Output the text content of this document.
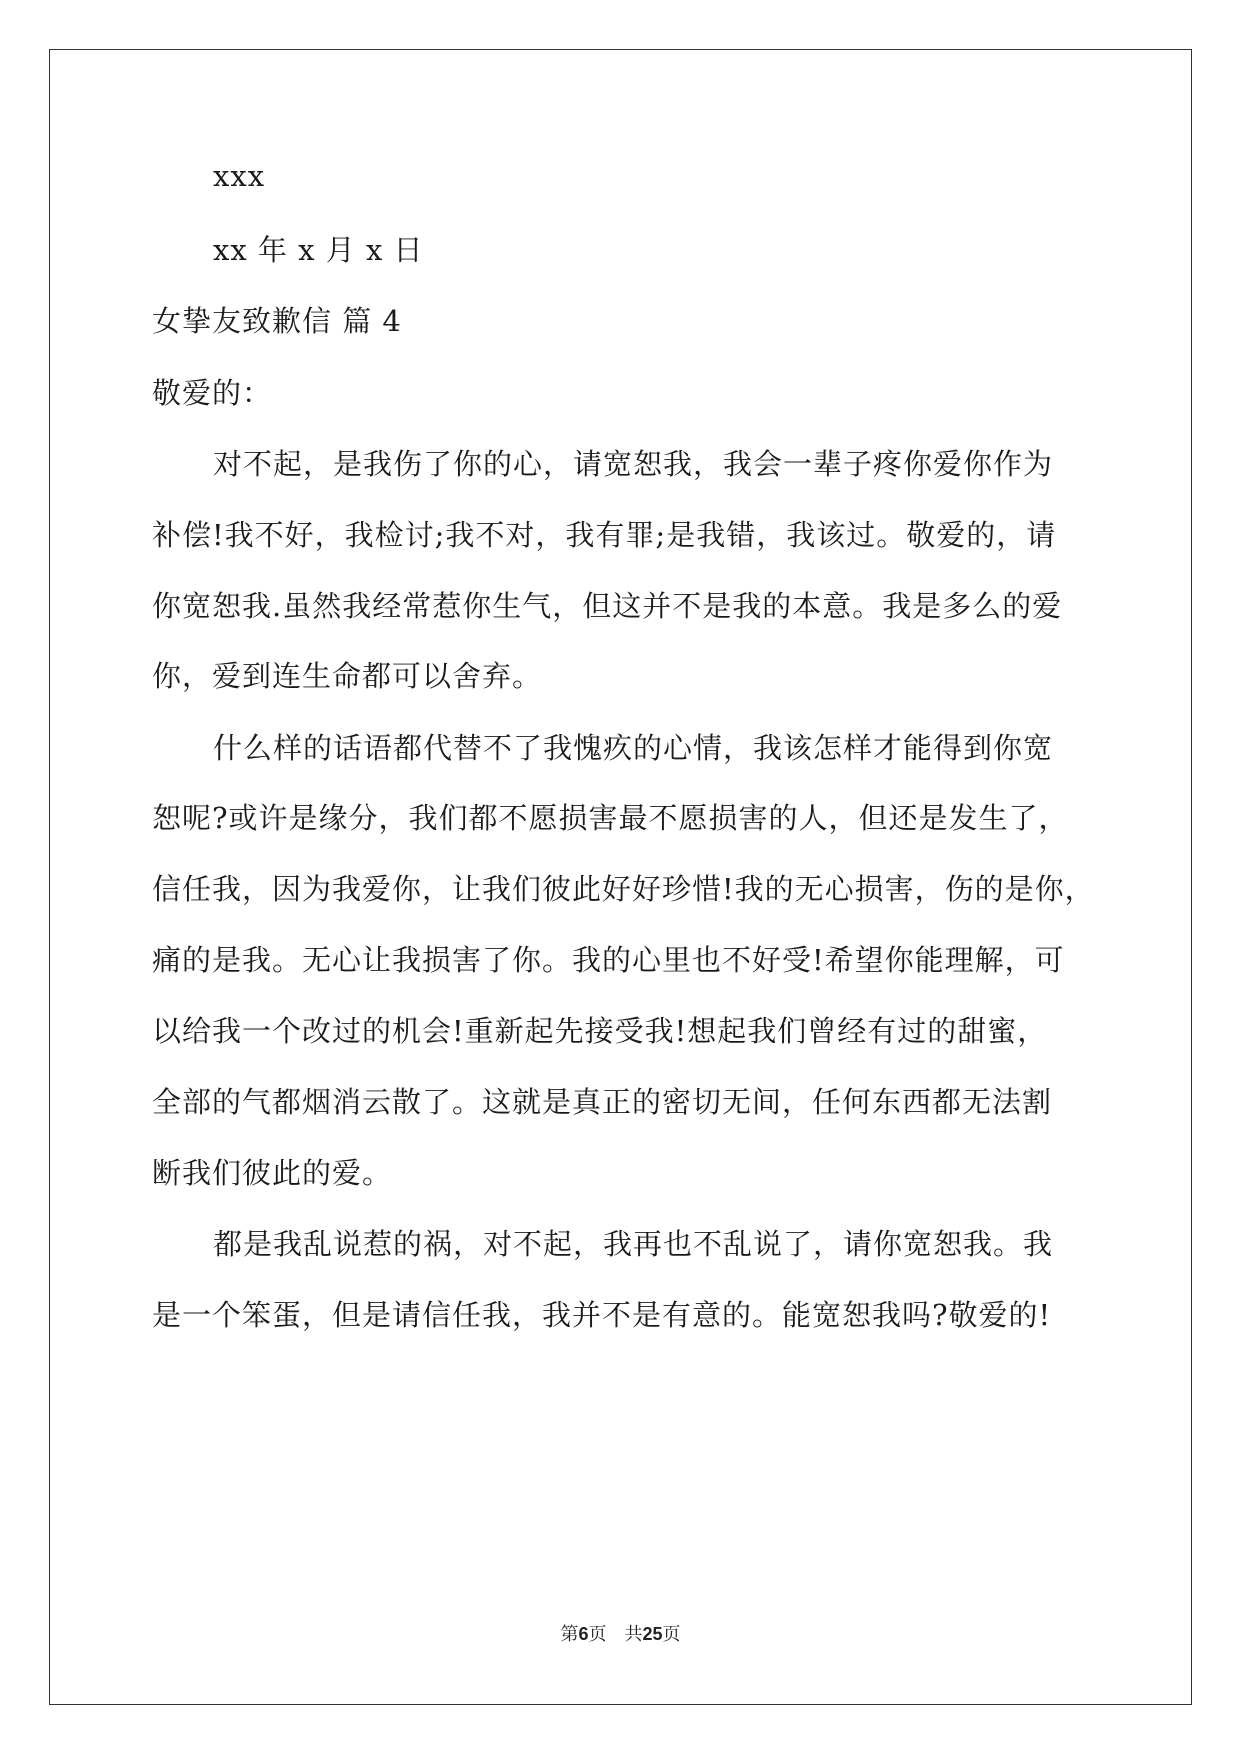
xxx
xx 年 x 月 x 日
女挚友致歉信 篇 4
敬爱的：
对不起，是我伤了你的心，请宽恕我，我会一辈子疼你爱你作为
补偿!我不好，我检讨;我不对，我有罪;是我错，我该过。敬爱的，请
你宽恕我.虽然我经常惹你生气，但这并不是我的本意。我是多么的爱
你，爱到连生命都可以舍弃。
什么样的话语都代替不了我愧疚的心情，我该怎样才能得到你宽
恕呢?或许是缘分，我们都不愿损害最不愿损害的人，但还是发生了，
信任我，因为我爱你，让我们彼此好好珍惜!我的无心损害，伤的是你，
痛的是我。无心让我损害了你。我的心里也不好受!希望你能理解，可
以给我一个改过的机会!重新起先接受我!想起我们曾经有过的甜蜜，
全部的气都烟消云散了。这就是真正的密切无间，任何东西都无法割
断我们彼此的爱。
都是我乱说惹的祸，对不起，我再也不乱说了，请你宽恕我。我
是一个笨蛋，但是请信任我，我并不是有意的。能宽恕我吗?敬爱的!
第6页 共25页
